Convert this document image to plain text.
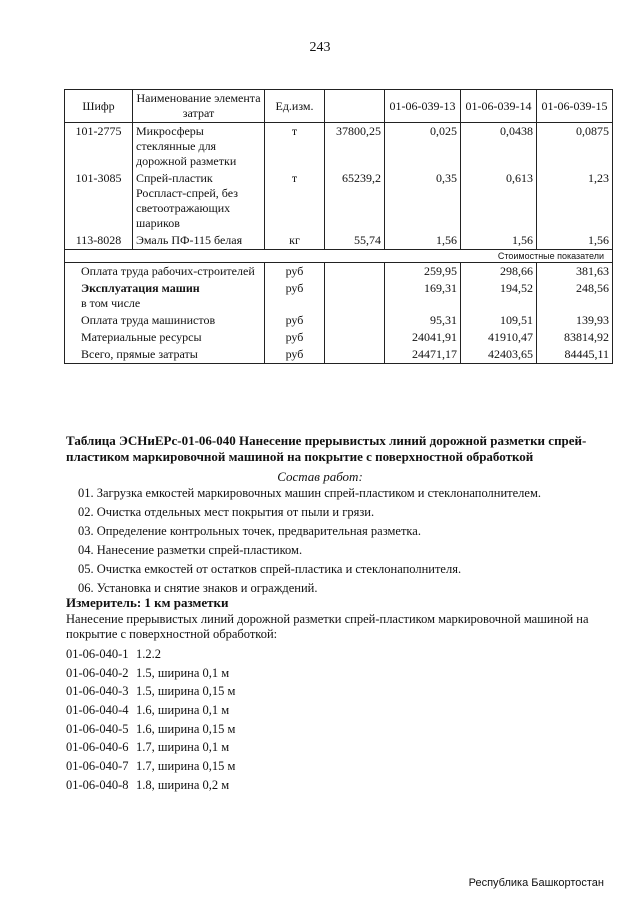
243
Шифр	Наименование элемента затрат	Ед.изм.		01-06-039-13	01-06-039-14	01-06-039-15
101-2775	Микросферы стеклянные для дорожной разметки	т	37800,25	0,025	0,0438	0,0875
101-3085	Спрей-пластик Роспласт-спрей, без светоотражающих шариков	т	65239,2	0,35	0,613	1,23
113-8028	Эмаль ПФ-115 белая	кг	55,74	1,56	1,56	1,56
Стоимостные показатели						
Оплата труда рабочих-строителей		руб		259,95	298,66	381,63

Эксплуатация машин
в том числе		руб		169,31	194,52	248,56
Оплата труда машинистов		руб		95,31	109,51	139,93
Материальные ресурсы		руб		24041,91	41910,47	83814,92
Всего, прямые затраты		руб		24471,17	42403,65	84445,11
Таблица ЭСНиЕРс-01-06-040 Нанесение прерывистых линий дорожной разметки спрей-пластиком маркировочной машиной на покрытие с поверхностной обработкой
Состав работ:
01. Загрузка емкостей маркировочных машин спрей-пластиком и стеклонаполнителем.
02. Очистка отдельных мест покрытия от пыли и грязи.
03. Определение контрольных точек, предварительная разметка.
04. Нанесение разметки спрей-пластиком.
05. Очистка емкостей от остатков спрей-пластика и стеклонаполнителя.
06. Установка и снятие знаков и ограждений.
Измеритель: 1 км разметки
Нанесение прерывистых линий дорожной разметки спрей-пластиком маркировочной машиной на покрытие с поверхностной обработкой:
01-06-040-1 1.2.2
01-06-040-2 1.5, ширина 0,1 м
01-06-040-3 1.5, ширина 0,15 м
01-06-040-4 1.6, ширина 0,1 м
01-06-040-5 1.6, ширина 0,15 м
01-06-040-6 1.7, ширина 0,1 м
01-06-040-7 1.7, ширина 0,15 м
01-06-040-8 1.8, ширина 0,2 м
Республика Башкортостан
